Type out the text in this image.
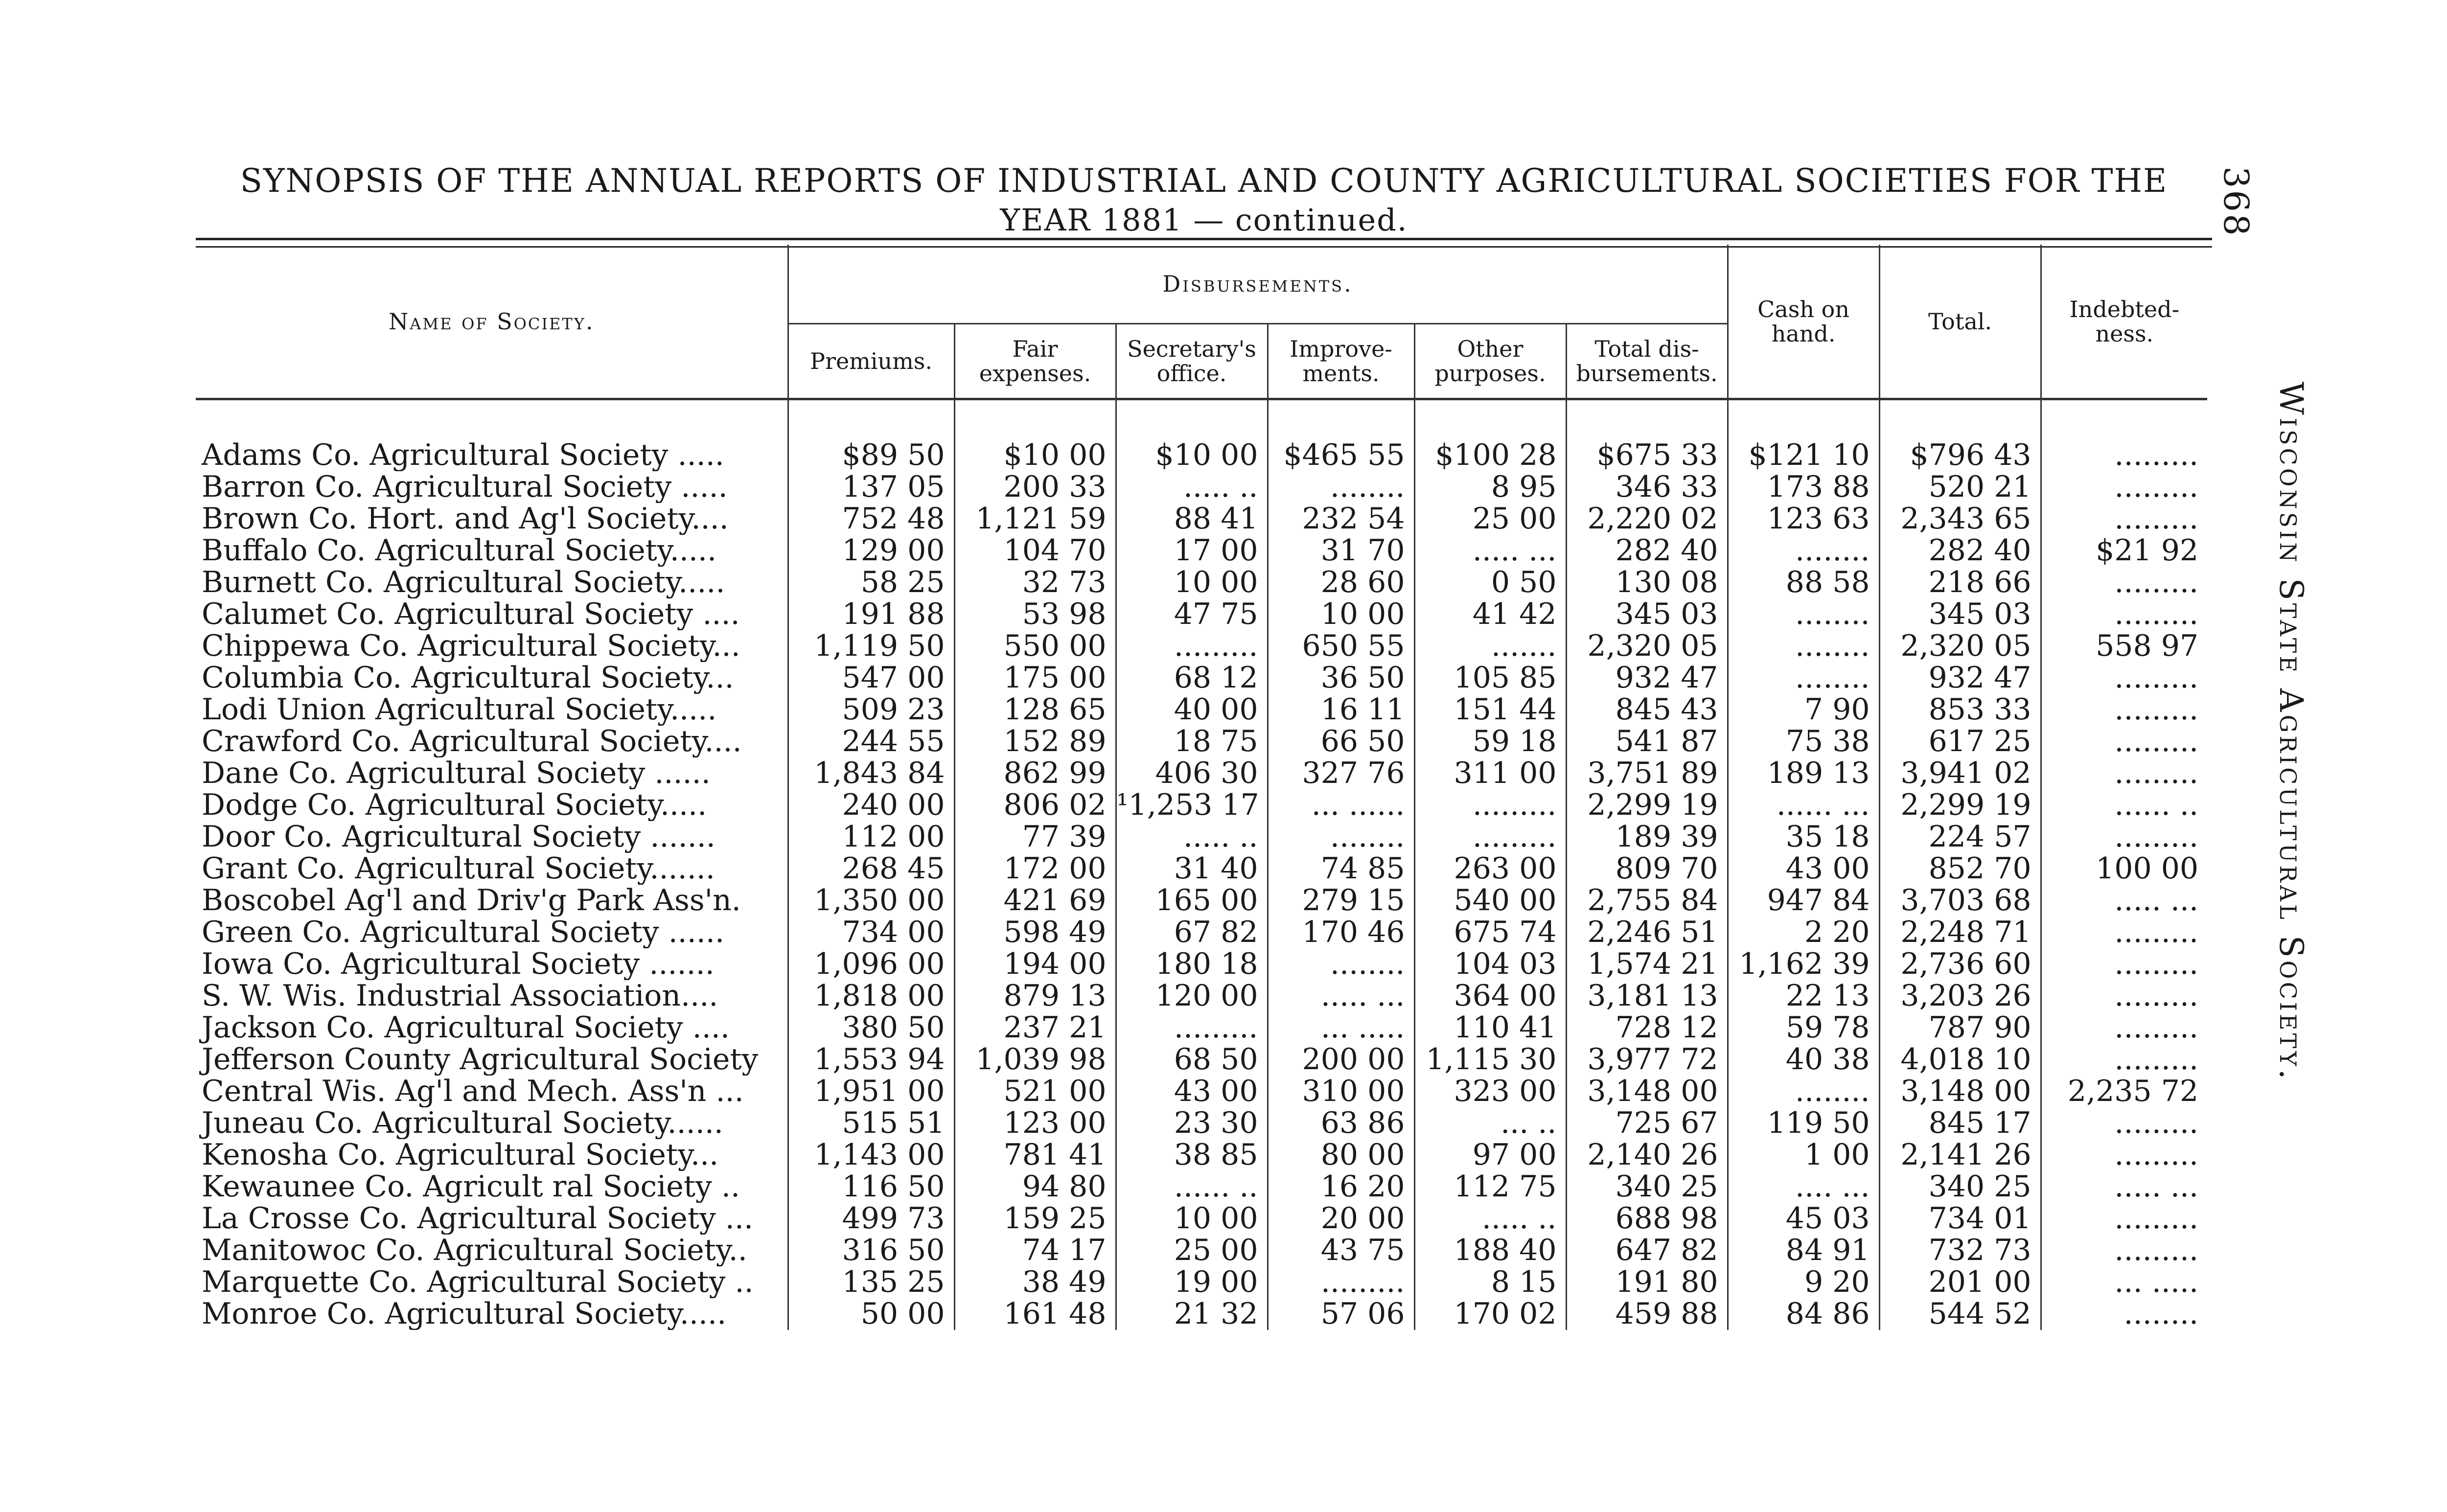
SYNOPSIS OF THE ANNUAL REPORTS OF INDUSTRIAL AND COUNTY AGRICULTURAL SOCIETIES FOR THE
YEAR 1881 — continued.	368
Wisconsin State Agricultural Society.
Name of Society.	Disbursements.						Cash on hand.	Total.	Indebted-ness.
	Premiums.	Fair expenses.	Secretary's office.	Improve-ments.	Other purposes.	Total dis-bursements.			
Adams Co. Agricultural Society .....	$89 50	$10 00	$10 00	$465 55	$100 28	$675 33	$121 10	$796 43	.........
Barron Co. Agricultural Society .....	137 05	200 33	..... ..	........	8 95	346 33	173 88	520 21	.........
Brown Co. Hort. and Ag'l Society....	752 48	1,121 59	88 41	232 54	25 00	2,220 02	123 63	2,343 65	.........
Buffalo Co. Agricultural Society.....	129 00	104 70	17 00	31 70	..... ...	282 40	........	282 40	$21 92
Burnett Co. Agricultural Society.....	58 25	32 73	10 00	28 60	0 50	130 08	88 58	218 66	.........
Calumet Co. Agricultural Society ....	191 88	53 98	47 75	10 00	41 42	345 03	........	345 03	.........
Chippewa Co. Agricultural Society...	1,119 50	550 00	.........	650 55	.......	2,320 05	........	2,320 05	558 97
Columbia Co. Agricultural Society...	547 00	175 00	68 12	36 50	105 85	932 47	........	932 47	.........
Lodi Union Agricultural Society.....	509 23	128 65	40 00	16 11	151 44	845 43	7 90	853 33	.........
Crawford Co. Agricultural Society....	244 55	152 89	18 75	66 50	59 18	541 87	75 38	617 25	.........
Dane Co. Agricultural Society ......	1,843 84	862 99	406 30	327 76	311 00	3,751 89	189 13	3,941 02	.........
Dodge Co. Agricultural Society.....	240 00	806 02	¹1,253 17	... ......	.........	2,299 19	...... ...	2,299 19	...... ..
Door Co. Agricultural Society .......	112 00	77 39	..... ..	........	.........	189 39	35 18	224 57	.........
Grant Co. Agricultural Society.......	268 45	172 00	31 40	74 85	263 00	809 70	43 00	852 70	100 00
Boscobel Ag'l and Driv'g Park Ass'n.	1,350 00	421 69	165 00	279 15	540 00	2,755 84	947 84	3,703 68	..... ...
Green Co. Agricultural Society ......	734 00	598 49	67 82	170 46	675 74	2,246 51	2 20	2,248 71	.........
Iowa Co. Agricultural Society .......	1,096 00	194 00	180 18	........	104 03	1,574 21	1,162 39	2,736 60	.........
S. W. Wis. Industrial Association....	1,818 00	879 13	120 00	..... ...	364 00	3,181 13	22 13	3,203 26	.........
Jackson Co. Agricultural Society ....	380 50	237 21	.........	... .....	110 41	728 12	59 78	787 90	.........
Jefferson County Agricultural Society	1,553 94	1,039 98	68 50	200 00	1,115 30	3,977 72	40 38	4,018 10	.........
Central Wis. Ag'l and Mech. Ass'n ...	1,951 00	521 00	43 00	310 00	323 00	3,148 00	........	3,148 00	2,235 72
Juneau Co. Agricultural Society......	515 51	123 00	23 30	63 86	... ..	725 67	119 50	845 17	.........
Kenosha Co. Agricultural Society...	1,143 00	781 41	38 85	80 00	97 00	2,140 26	1 00	2,141 26	.........
Kewaunee Co. Agricult ral Society ..	116 50	94 80	...... ..	16 20	112 75	340 25	.... ...	340 25	..... ...
La Crosse Co. Agricultural Society ...	499 73	159 25	10 00	20 00	..... ..	688 98	45 03	734 01	.........
Manitowoc Co. Agricultural Society..	316 50	74 17	25 00	43 75	188 40	647 82	84 91	732 73	.........
Marquette Co. Agricultural Society ..	135 25	38 49	19 00	.........	8 15	191 80	9 20	201 00	... .....
Monroe Co. Agricultural Society.....	50 00	161 48	21 32	57 06	170 02	459 88	84 86	544 52	........
